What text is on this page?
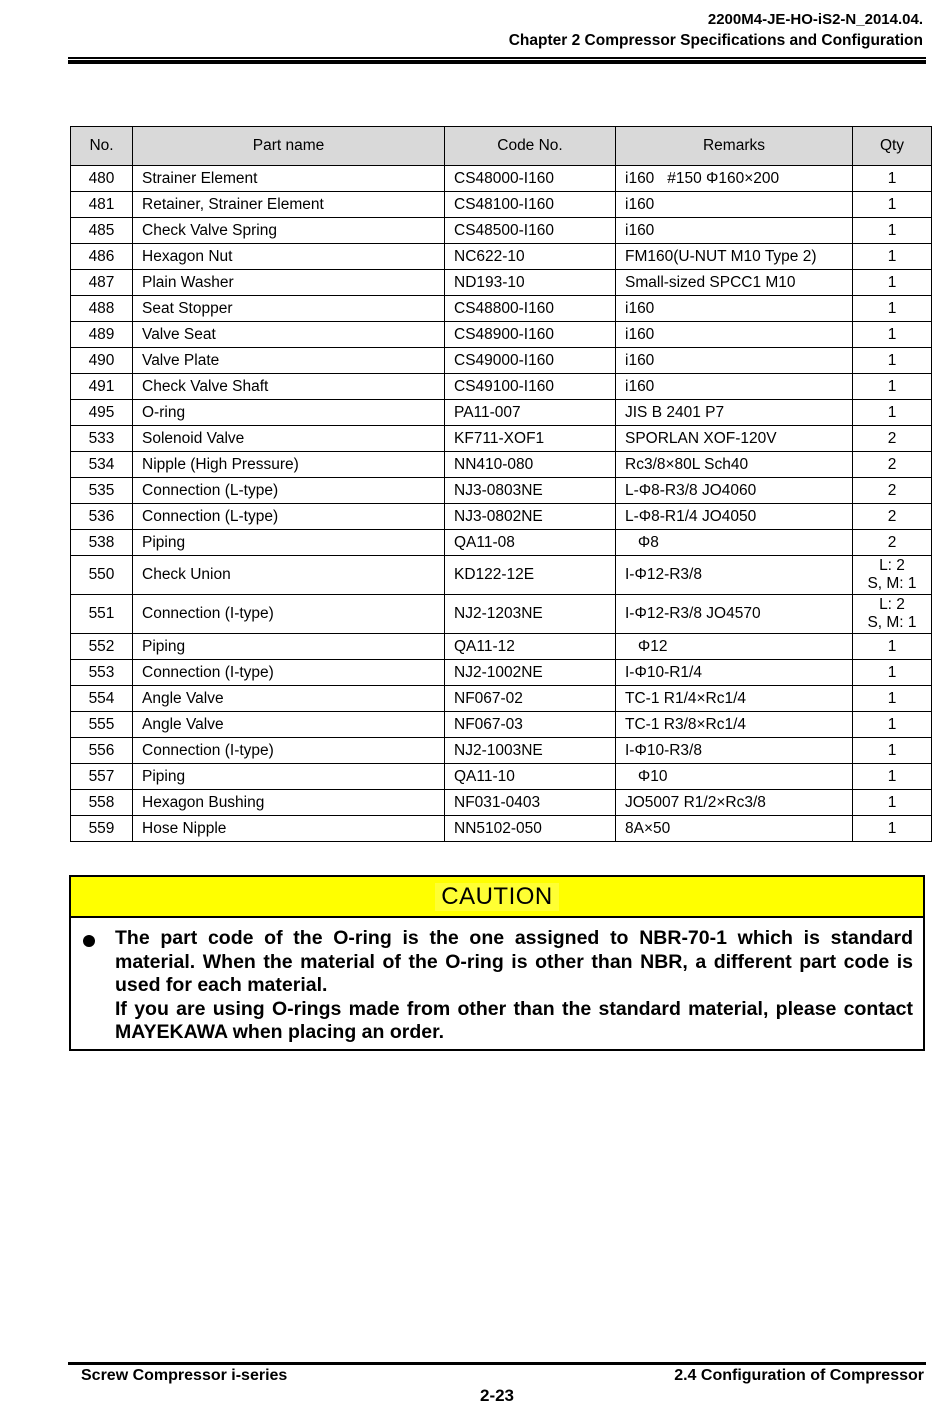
2200M4-JE-HO-iS2-N_2014.04.
Chapter 2 Compressor Specifications and Configuration
No.	Part name	Code No.	Remarks	Qty
480	Strainer Element	CS48000-I160	i160   #150 Φ160×200	1
481	Retainer, Strainer Element	CS48100-I160	i160	1
485	Check Valve Spring	CS48500-I160	i160	1
486	Hexagon Nut	NC622-10	FM160(U-NUT M10 Type 2)	1
487	Plain Washer	ND193-10	Small-sized SPCC1 M10	1
488	Seat Stopper	CS48800-I160	i160	1
489	Valve Seat	CS48900-I160	i160	1
490	Valve Plate	CS49000-I160	i160	1
491	Check Valve Shaft	CS49100-I160	i160	1
495	O-ring	PA11-007	JIS B 2401 P7	1
533	Solenoid Valve	KF711-XOF1	SPORLAN XOF-120V	2
534	Nipple (High Pressure)	NN410-080	Rc3/8×80L Sch40	2
535	Connection (L-type)	NJ3-0803NE	L-Φ8-R3/8 JO4060	2
536	Connection (L-type)	NJ3-0802NE	L-Φ8-R1/4 JO4050	2
538	Piping	QA11-08	Φ8	2
550	Check Union	KD122-12E	I-Φ12-R3/8	L: 2
S, M: 1
551	Connection (I-type)	NJ2-1203NE	I-Φ12-R3/8 JO4570	L: 2
S, M: 1
552	Piping	QA11-12	Φ12	1
553	Connection (I-type)	NJ2-1002NE	I-Φ10-R1/4	1
554	Angle Valve	NF067-02	TC-1 R1/4×Rc1/4	1
555	Angle Valve	NF067-03	TC-1 R3/8×Rc1/4	1
556	Connection (I-type)	NJ2-1003NE	I-Φ10-R3/8	1
557	Piping	QA11-10	Φ10	1
558	Hexagon Bushing	NF031-0403	JO5007 R1/2×Rc3/8	1
559	Hose Nipple	NN5102-050	8A×50	1
CAUTION
The part code of the O-ring is the one assigned to NBR-70-1 which is standard material. When the material of the O-ring is other than NBR, a different part code is used for each material.
If you are using O-rings made from other than the standard material, please contact MAYEKAWA when placing an order.
Screw Compressor i-series	2.4 Configuration of Compressor
2-23
